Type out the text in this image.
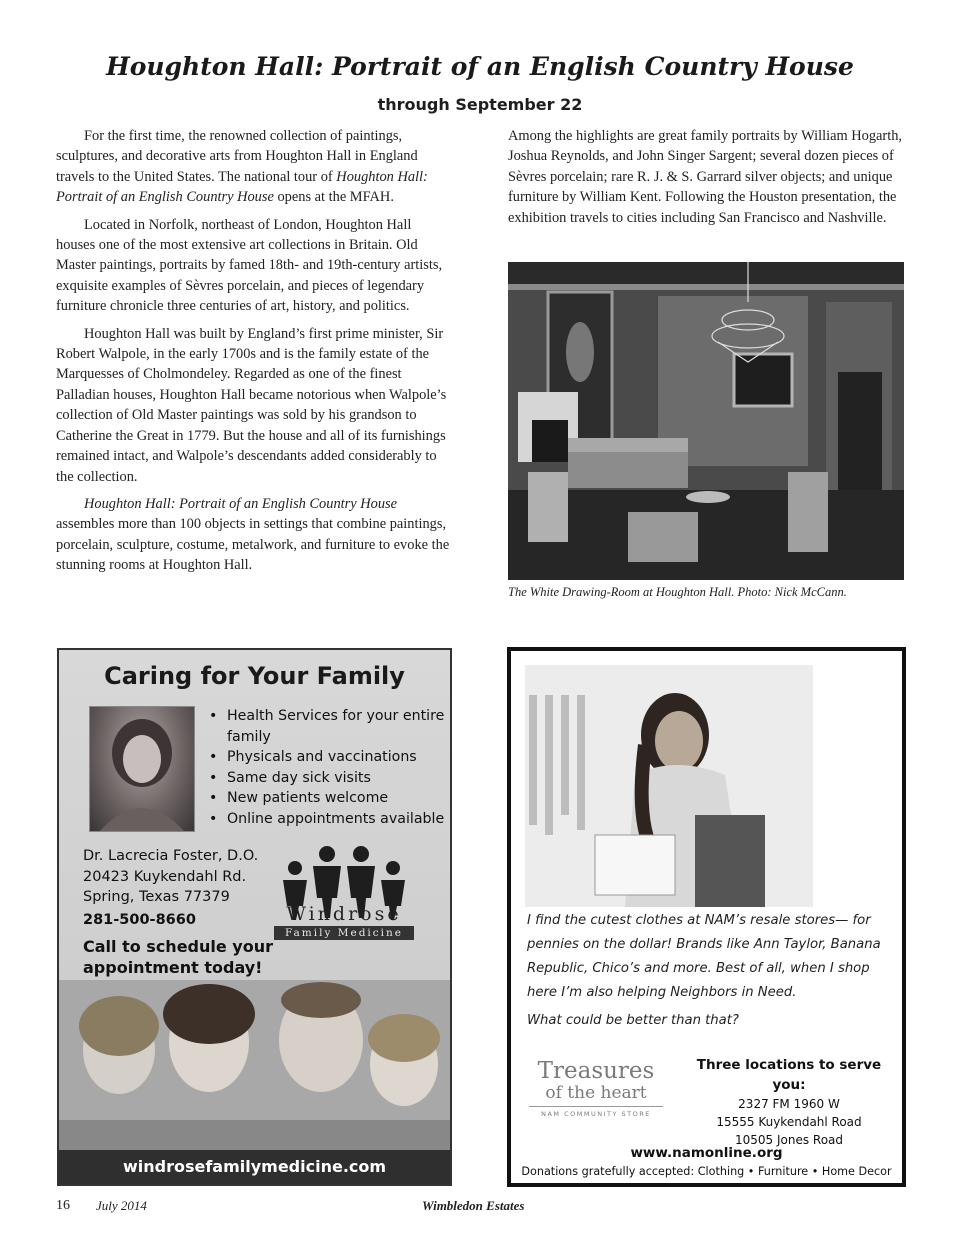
Houghton Hall: Portrait of an English Country House
through September 22

For the first time, the renowned collection of paintings, sculptures, and decorative arts from Houghton Hall in England travels to the United States. The national tour of Houghton Hall: Portrait of an English Country House opens at the MFAH.

Located in Norfolk, northeast of London, Houghton Hall houses one of the most extensive art collections in Britain. Old Master paintings, portraits by famed 18th- and 19th-century artists, exquisite examples of Sèvres porcelain, and pieces of legendary furniture chronicle three centuries of art, history, and politics.

Houghton Hall was built by England’s first prime minister, Sir Robert Walpole, in the early 1700s and is the family estate of the Marquesses of Cholmondeley. Regarded as one of the finest Palladian houses, Houghton Hall became notorious when Walpole’s collection of Old Master paintings was sold by his grandson to Catherine the Great in 1779. But the house and all of its furnishings remained intact, and Walpole’s descendants added considerably to the collection.

Houghton Hall: Portrait of an English Country House assembles more than 100 objects in settings that combine paintings, porcelain, sculpture, costume, metalwork, and furniture to evoke the stunning rooms at Houghton Hall.

Among the highlights are great family portraits by William Hogarth, Joshua Reynolds, and John Singer Sargent; several dozen pieces of Sèvres porcelain; rare R. J. & S. Garrard silver objects; and unique furniture by William Kent. Following the Houston presentation, the exhibition travels to cities including San Francisco and Nashville.

The White Drawing-Room at Houghton Hall. Photo: Nick McCann.
Caring for Your Family
• Health Services for your entire family
• Physicals and vaccinations
• Same day sick visits
• New patients welcome
• Online appointments available
Dr. Lacrecia Foster, D.O.
20423 Kuykendahl Rd.
Spring, Texas 77379
281-500-8660
Call to schedule your appointment today!
Windrose
Family Medicine
windrosefamilymedicine.com
I find the cutest clothes at NAM’s resale stores— for pennies on the dollar! Brands like Ann Taylor, Banana Republic, Chico’s and more. Best of all, when I shop here I’m also helping Neighbors in Need.
What could be better than that?
Treasures
of the heart
NAM COMMUNITY STORE
Three locations to serve you:
2327 FM 1960 W
15555 Kuykendahl Road
10505 Jones Road
www.namonline.org
Donations gratefully accepted: Clothing • Furniture • Home Decor
16 July 2014	Wimbledon Estates
